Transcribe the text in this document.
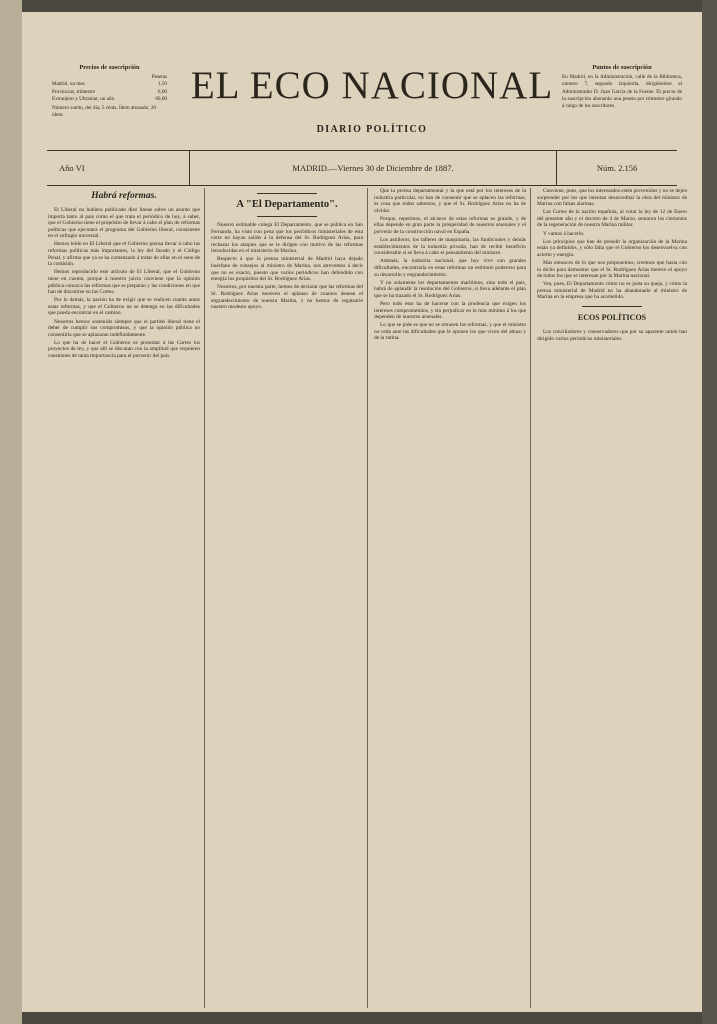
Precios de suscripción
Pesetas
Madrid, un mes	1,50
Provincias, trimestre	6,00
Extranjero y Ultramar, un año	60,00
Número suelto, del día, 5 cénts. Ídem atrasado, 20 ídem.
EL ECO NACIONAL
DIARIO POLÍTICO
Puntos de suscripción
En Madrid, en la Administración, calle de la Biblioteca, número 7, segundo izquierda, dirigiéndose al Administrador D. Juan Garcia de la Fuente. El precio de la suscripción abonarán una peseta por trimestre girando á cargo de los suscritores.
Año VI	MADRID.—Viernes 30 de Diciembre de 1887.	Núm. 2.156
Habrá reformas.

El Liberal no hubiera publicado diez lineas sobre un asunto que importa tanto al pais como el que trata el periódico de hoy, á saber, que el Gobierno tiene el propósito de llevar á cabo el plan de reformas políticas que ejecutara el programa del Gobierno liberal, consistente en el sufragio universal.

Hemos leido en El Liberal que el Gobierno piensa llevar á cabo las reformas políticas más importantes, la ley del Jurado y el Código Penal, y afirma que ya se ha comenzado á tratar de ellas en el seno de la comisión.

Hemos reproducido este artículo de El Liberal, que el Gobierno tiene en cuenta, porque á nuestro juicio conviene que la opinión pública conozca las reformas que se preparan y las condiciones en que han de discutirse en las Cortes.

Por lo demás, la nación ha de exigir que se realicen cuanto antes estas reformas, y que el Gobierno no se detenga en las dificultades que pueda encontrar en el camino.

Nosotros hemos sostenido siempre que el partido liberal tiene el deber de cumplir sus compromisos, y que la opinión pública no consentiría que se aplazaran indefinidamente.

Lo que ha de hacer el Gobierno es presentar á las Cortes los proyectos de ley, y que allí se discutan con la amplitud que requieren cuestiones de tanta importancia para el porvenir del pais.

A "El Departamento".

Nuestro estimable colega El Departamento, que se publica en San Fernando, ha visto con pena que los periódicos ministeriales de esta corte no hayan salido á la defensa del Sr. Rodríguez Arias, para rechazar los ataques que se le dirigen con motivo de las reformas introducidas en el ministerio de Marina.

Respecto á que la prensa ministerial de Madrid haya dejado huérfano de consejos al ministro de Marina, nos atrevemos á decir que no es exacto, puesto que varios periódicos han defendido con energía los propósitos del Sr. Rodríguez Arias.

Nosotros, por nuestra parte, hemos de declarar que las reformas del Sr. Rodríguez Arias merecen el aplauso de cuantos desean el engrandecimiento de nuestra Marina, y no hemos de regatearle nuestro modesto apoyo.

Que la prensa departamental y la que está por los intereses de la industria particular, no han de consentir que se aplacen las reformas, es cosa que todos sabemos, y que el Sr. Rodríguez Arias no ha de olvidar.

Porque, repetimos, el alcance de estas reformas es grande, y de ellas depende en gran parte la prosperidad de nuestros arsenales y el porvenir de la construcción naval en España.

Los astilleros, los talleres de maquinaria, las fundiciones y demás establecimientos de la industria privada, han de recibir beneficio considerable si se lleva á cabo el pensamiento del ministro.

Además, la industria nacional, que hoy vive con grandes dificultades, encontraría en estas reformas un estímulo poderoso para su desarrollo y engrandecimiento.

Y no solamente los departamentos marítimos, sino todo el pais, habrá de aplaudir la resolución del Gobierno, si lleva adelante el plan que se ha trazado el Sr. Rodríguez Arias.

Pero todo esto ha de hacerse con la prudencia que exigen los intereses comprometidos, y sin perjudicar en lo más mínimo á los que dependen de nuestros arsenales.

Lo que se pide es que no se retrasen las reformas, y que el ministro no ceda ante las dificultades que le oponen los que viven del abuso y de la rutina.

Conviene, pues, que los interesados estén prevenidos y no se dejen sorprender por los que intentan desacreditar la obra del ministro de Marina con falsas alarmas.

Las Cortes de la nación española, al votar la ley de 12 de Enero del presente año y el decreto de 4 de Marzo, sentaron los cimientos de la regeneración de nuestra Marina militar.

Y vamos á hacerlo.

Los principios que han de presidir la organización de la Marina están ya definidos, y sólo falta que el Gobierno los desenvuelva con acierto y energía.

Mas entonces de lo que nos proponemos, creemos que basta con lo dicho para demostrar que el Sr. Rodríguez Arias merece el apoyo de todos los que se interesan por la Marina nacional.

Vea, pues, El Departamento cómo no es justa su queja, y cómo la prensa ministerial de Madrid no ha abandonado al ministro de Marina en la empresa que ha acometido.

ECOS POLÍTICOS

Los conciliadores y conservadores que por su aparente unión han dirigido varios periódicos ministeriales.
